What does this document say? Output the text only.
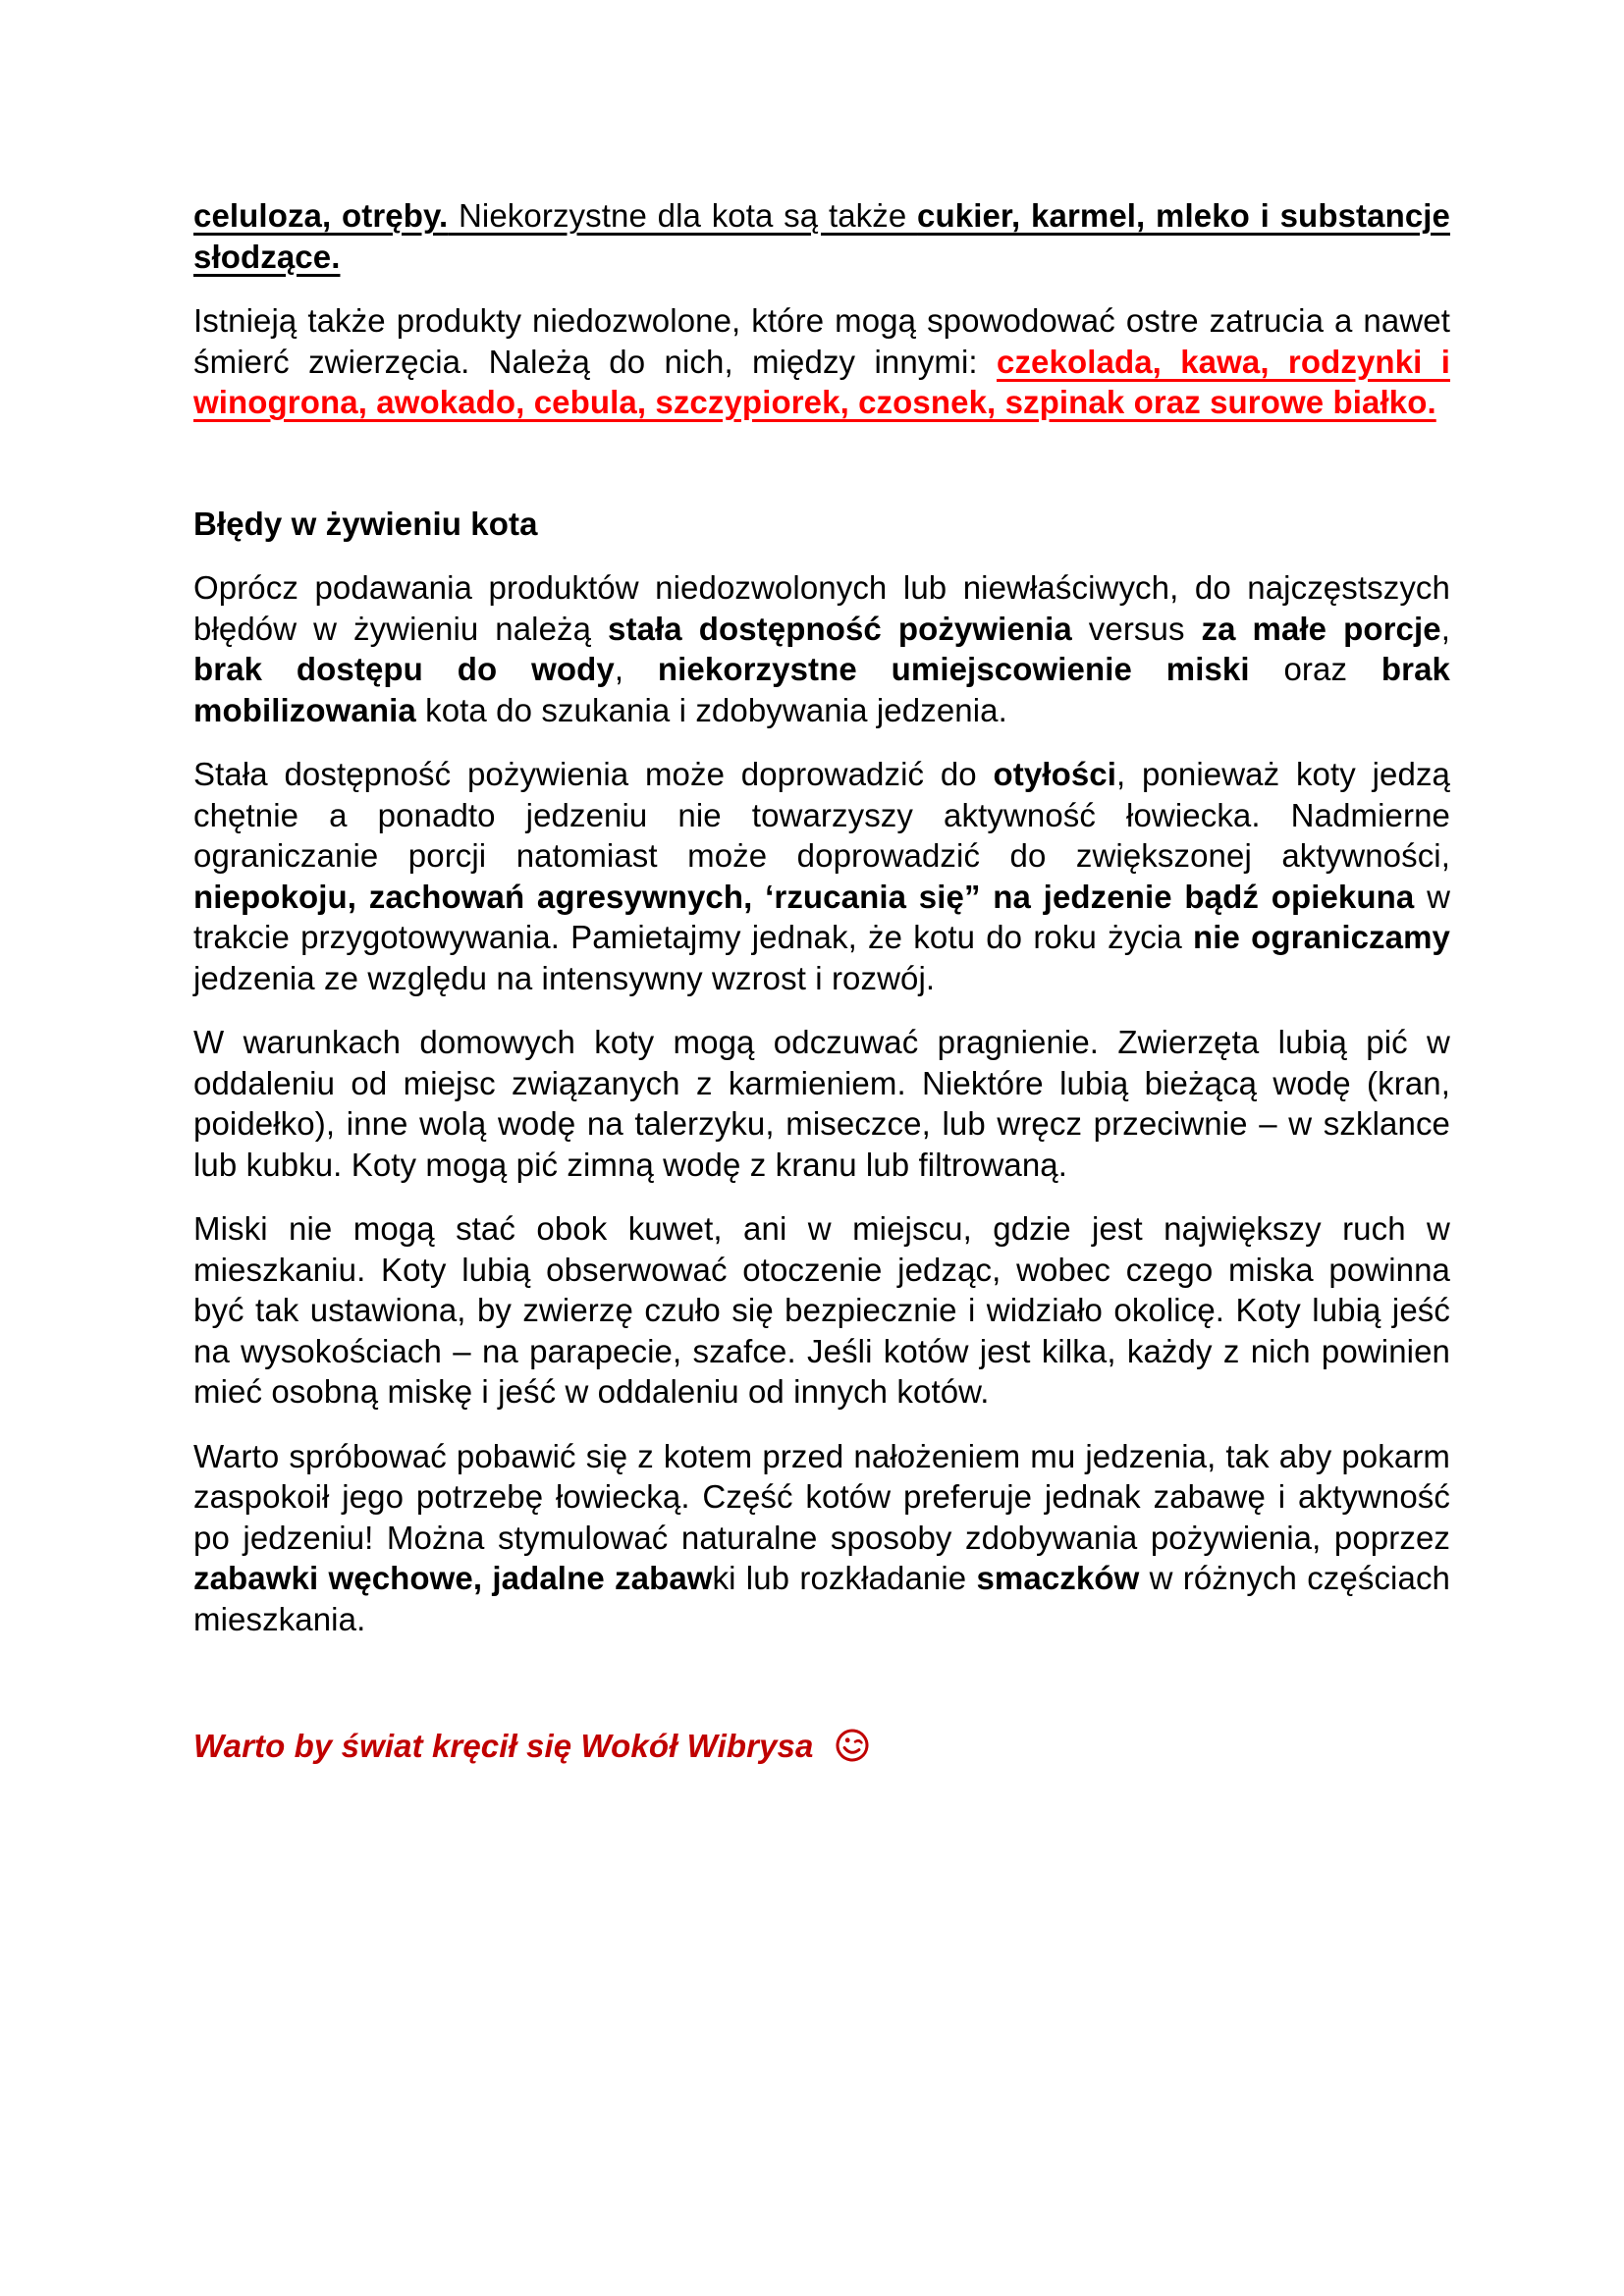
celuloza, otręby. Niekorzystne dla kota są także cukier, karmel, mleko i substancje słodzące.

Istnieją także produkty niedozwolone, które mogą spowodować ostre zatrucia a nawet śmierć zwierzęcia. Należą do nich, między innymi: czekolada, kawa, rodzynki i winogrona, awokado, cebula, szczypiorek, czosnek, szpinak oraz surowe białko.

Błędy w żywieniu kota

Oprócz podawania produktów niedozwolonych lub niewłaściwych, do najczęstszych błędów w żywieniu należą stała dostępność pożywienia versus za małe porcje, brak dostępu do wody, niekorzystne umiejscowienie miski oraz brak mobilizowania kota do szukania i zdobywania jedzenia.

Stała dostępność pożywienia może doprowadzić do otyłości, ponieważ koty jedzą chętnie a ponadto jedzeniu nie towarzyszy aktywność łowiecka. Nadmierne ograniczanie porcji natomiast może doprowadzić do zwiększonej aktywności, niepokoju, zachowań agresywnych, ‘rzucania się” na jedzenie bądź opiekuna w trakcie przygotowywania. Pamietajmy jednak, że kotu do roku życia nie ograniczamy jedzenia ze względu na intensywny wzrost i rozwój.

W warunkach domowych koty mogą odczuwać pragnienie. Zwierzęta lubią pić w oddaleniu od miejsc związanych z karmieniem. Niektóre lubią bieżącą wodę (kran, poidełko), inne wolą wodę na talerzyku, miseczce, lub wręcz przeciwnie – w szklance lub kubku. Koty mogą pić zimną wodę z kranu lub filtrowaną.

Miski nie mogą stać obok kuwet, ani w miejscu, gdzie jest największy ruch w mieszkaniu. Koty lubią obserwować otoczenie jedząc, wobec czego miska powinna być tak ustawiona, by zwierzę czuło się bezpiecznie i widziało okolicę. Koty lubią jeść na wysokościach – na parapecie, szafce. Jeśli kotów jest kilka, każdy z nich powinien mieć osobną miskę i jeść w oddaleniu od innych kotów.

Warto spróbować pobawić się z kotem przed nałożeniem mu jedzenia, tak aby pokarm zaspokoił jego potrzebę łowiecką. Część kotów preferuje jednak zabawę i aktywność po jedzeniu! Można stymulować naturalne sposoby zdobywania pożywienia, poprzez zabawki węchowe, jadalne zabawki lub rozkładanie smaczków w różnych częściach mieszkania.

Warto by świat kręcił się Wokół Wibrysa
